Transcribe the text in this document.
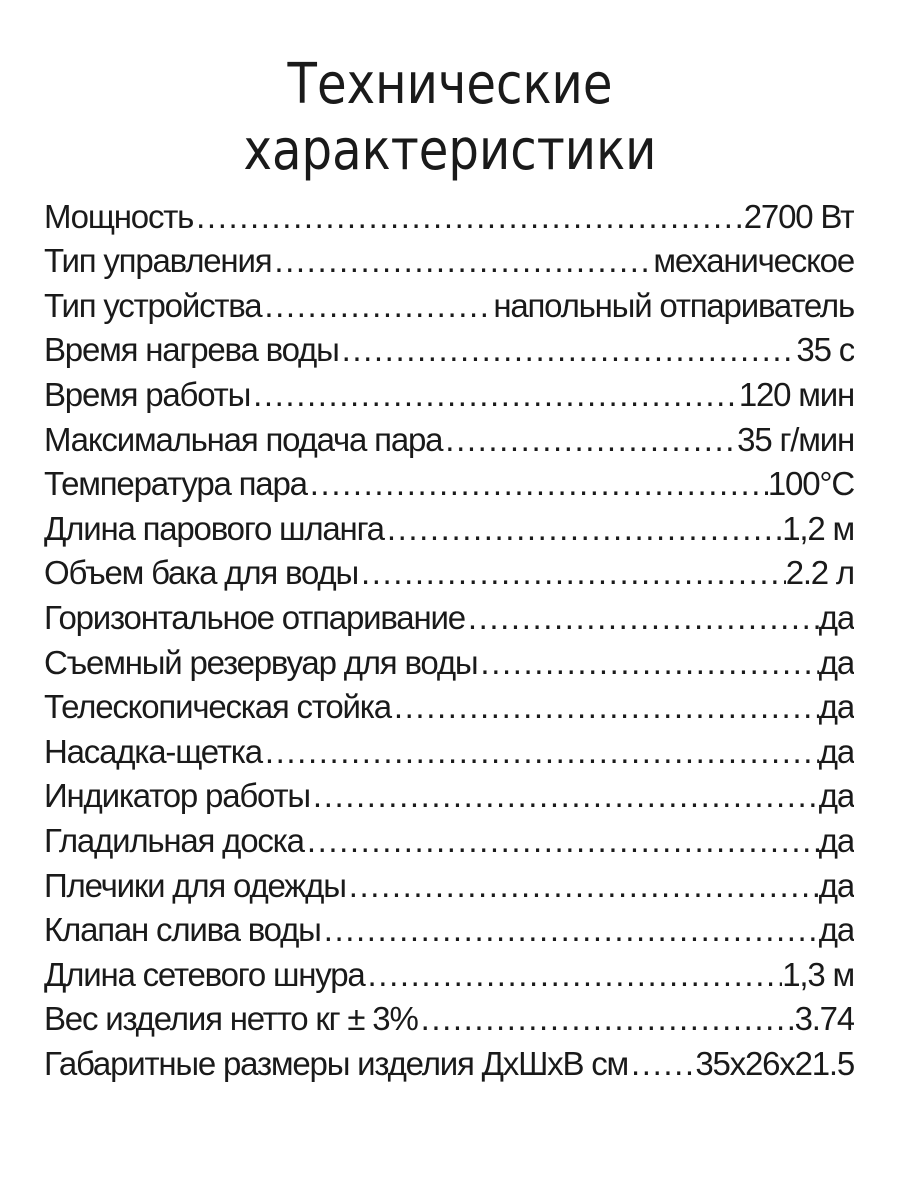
Технические
характеристики
Мощность .....	2700 Вт
Тип управления .....	механическое
Тип устройства .....	напольный отпариватель
Время нагрева воды .....	35 с
Время работы .....	120 мин
Максимальная подача пара .....	35 г/мин
Температура пара .....	100°С
Длина парового шланга .....	1,2 м
Объем бака для воды .....	2.2 л
Горизонтальное отпаривание .....	да
Съемный резервуар для воды .....	да
Телескопическая стойка .....	да
Насадка-щетка .....	да
Индикатор работы .....	да
Гладильная доска .....	да
Плечики для одежды .....	да
Клапан слива воды .....	да
Длина сетевого шнура .....	1,3 м
Вес изделия нетто кг ± 3% .....	3.74
Габаритные размеры изделия ДхШхВ см ..... 35x26x21.5
